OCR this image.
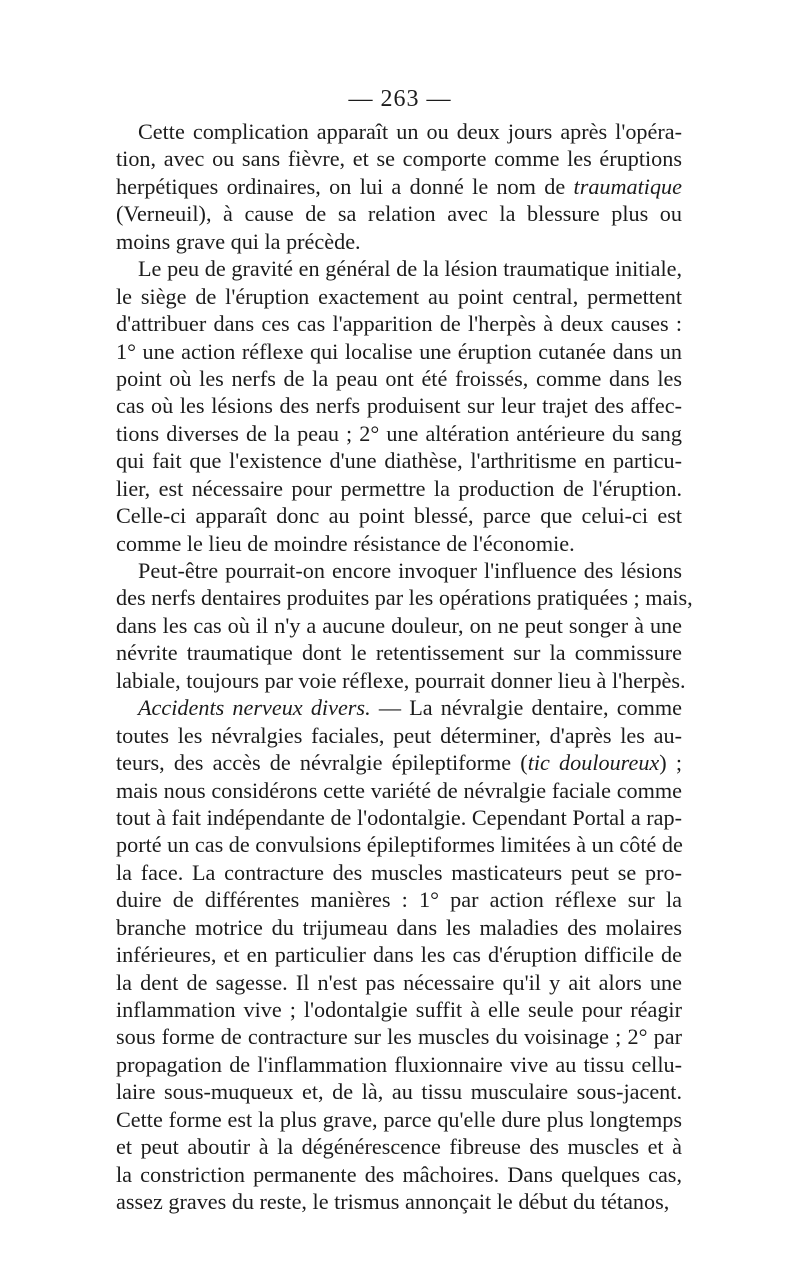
— 263 —
Cette complication apparaît un ou deux jours après l'opéra-
tion, avec ou sans fièvre, et se comporte comme les éruptions
herpétiques ordinaires, on lui a donné le nom de traumatique
(Verneuil), à cause de sa relation avec la blessure plus ou
moins grave qui la précède.
Le peu de gravité en général de la lésion traumatique initiale,
le siège de l'éruption exactement au point central, permettent
d'attribuer dans ces cas l'apparition de l'herpès à deux causes :
1° une action réflexe qui localise une éruption cutanée dans un
point où les nerfs de la peau ont été froissés, comme dans les
cas où les lésions des nerfs produisent sur leur trajet des affec-
tions diverses de la peau ; 2° une altération antérieure du sang
qui fait que l'existence d'une diathèse, l'arthritisme en particu-
lier, est nécessaire pour permettre la production de l'éruption.
Celle-ci apparaît donc au point blessé, parce que celui-ci est
comme le lieu de moindre résistance de l'économie.
Peut-être pourrait-on encore invoquer l'influence des lésions
des nerfs dentaires produites par les opérations pratiquées ; mais,
dans les cas où il n'y a aucune douleur, on ne peut songer à une
névrite traumatique dont le retentissement sur la commissure
labiale, toujours par voie réflexe, pourrait donner lieu à l'herpès.
Accidents nerveux divers. — La névralgie dentaire, comme
toutes les névralgies faciales, peut déterminer, d'après les au-
teurs, des accès de névralgie épileptiforme (tic douloureux) ;
mais nous considérons cette variété de névralgie faciale comme
tout à fait indépendante de l'odontalgie. Cependant Portal a rap-
porté un cas de convulsions épileptiformes limitées à un côté de
la face. La contracture des muscles masticateurs peut se pro-
duire de différentes manières : 1° par action réflexe sur la
branche motrice du trijumeau dans les maladies des molaires
inférieures, et en particulier dans les cas d'éruption difficile de
la dent de sagesse. Il n'est pas nécessaire qu'il y ait alors une
inflammation vive ; l'odontalgie suffit à elle seule pour réagir
sous forme de contracture sur les muscles du voisinage ; 2° par
propagation de l'inflammation fluxionnaire vive au tissu cellu-
laire sous-muqueux et, de là, au tissu musculaire sous-jacent.
Cette forme est la plus grave, parce qu'elle dure plus longtemps
et peut aboutir à la dégénérescence fibreuse des muscles et à
la constriction permanente des mâchoires. Dans quelques cas,
assez graves du reste, le trismus annonçait le début du tétanos,
